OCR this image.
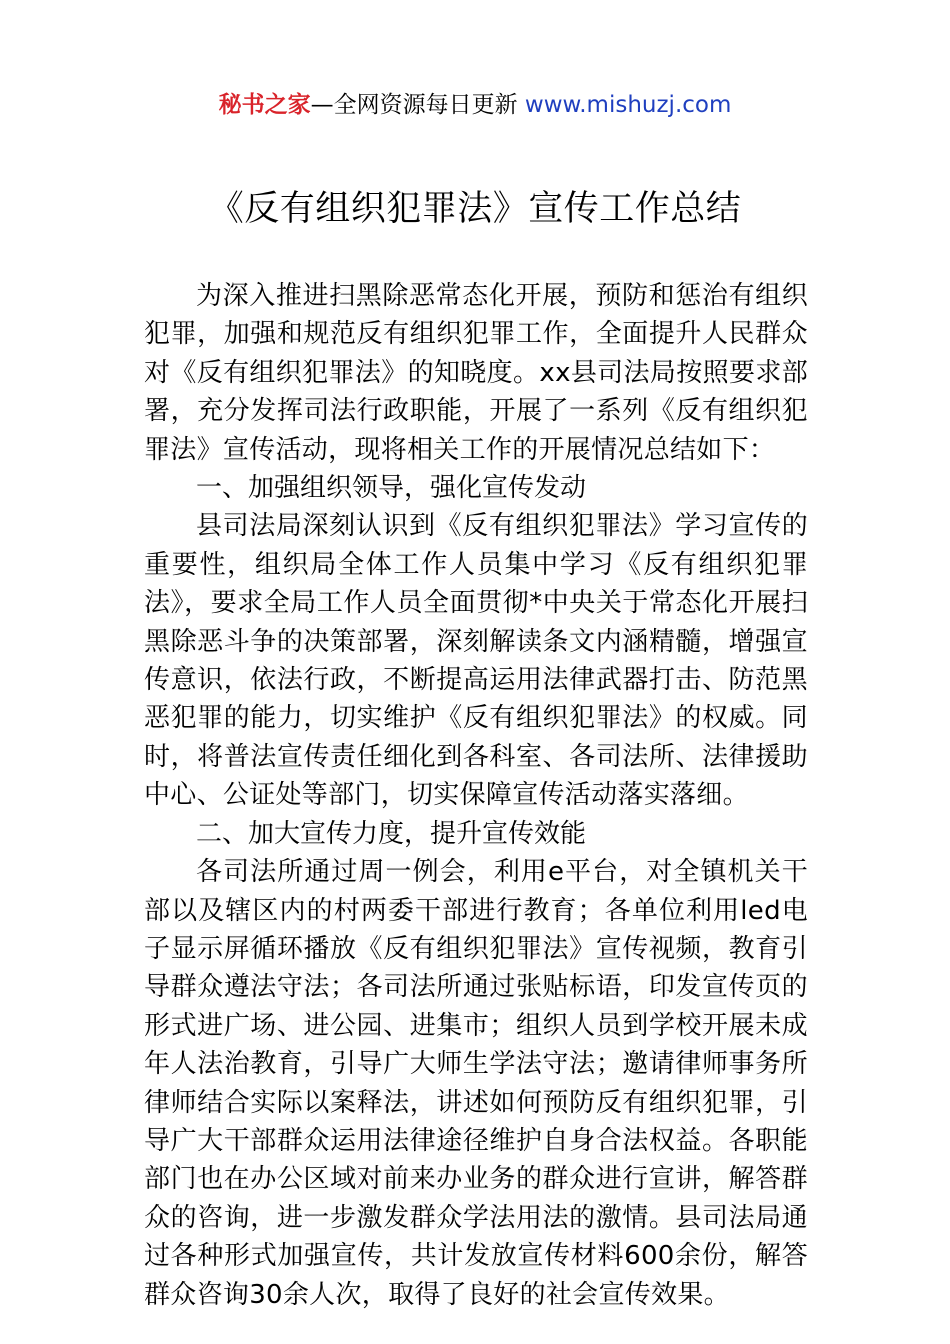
秘书之家—全网资源每日更新 www.mishuzj.com
《反有组织犯罪法》宣传工作总结

为深入推进扫黑除恶常态化开展，预防和惩治有组织犯罪，加强和规范反有组织犯罪工作，全面提升人民群众对《反有组织犯罪法》的知晓度。xx县司法局按照要求部署，充分发挥司法行政职能，开展了一系列《反有组织犯罪法》宣传活动，现将相关工作的开展情况总结如下：

一、加强组织领导，强化宣传发动

县司法局深刻认识到《反有组织犯罪法》学习宣传的重要性，组织局全体工作人员集中学习《反有组织犯罪法》，要求全局工作人员全面贯彻*中央关于常态化开展扫黑除恶斗争的决策部署，深刻解读条文内涵精髓，增强宣传意识，依法行政，不断提高运用法律武器打击、防范黑恶犯罪的能力，切实维护《反有组织犯罪法》的权威。同时，将普法宣传责任细化到各科室、各司法所、法律援助中心、公证处等部门，切实保障宣传活动落实落细。

二、加大宣传力度，提升宣传效能

各司法所通过周一例会，利用e平台，对全镇机关干部以及辖区内的村两委干部进行教育；各单位利用led电子显示屏循环播放《反有组织犯罪法》宣传视频，教育引导群众遵法守法；各司法所通过张贴标语，印发宣传页的形式进广场、进公园、进集市；组织人员到学校开展未成年人法治教育，引导广大师生学法守法；邀请律师事务所律师结合实际以案释法，讲述如何预防反有组织犯罪，引导广大干部群众运用法律途径维护自身合法权益。各职能部门也在办公区域对前来办业务的群众进行宣讲，解答群众的咨询，进一步激发群众学法用法的激情。县司法局通过各种形式加强宣传，共计发放宣传材料600余份，解答群众咨询30余人次，取得了良好的社会宣传效果。
